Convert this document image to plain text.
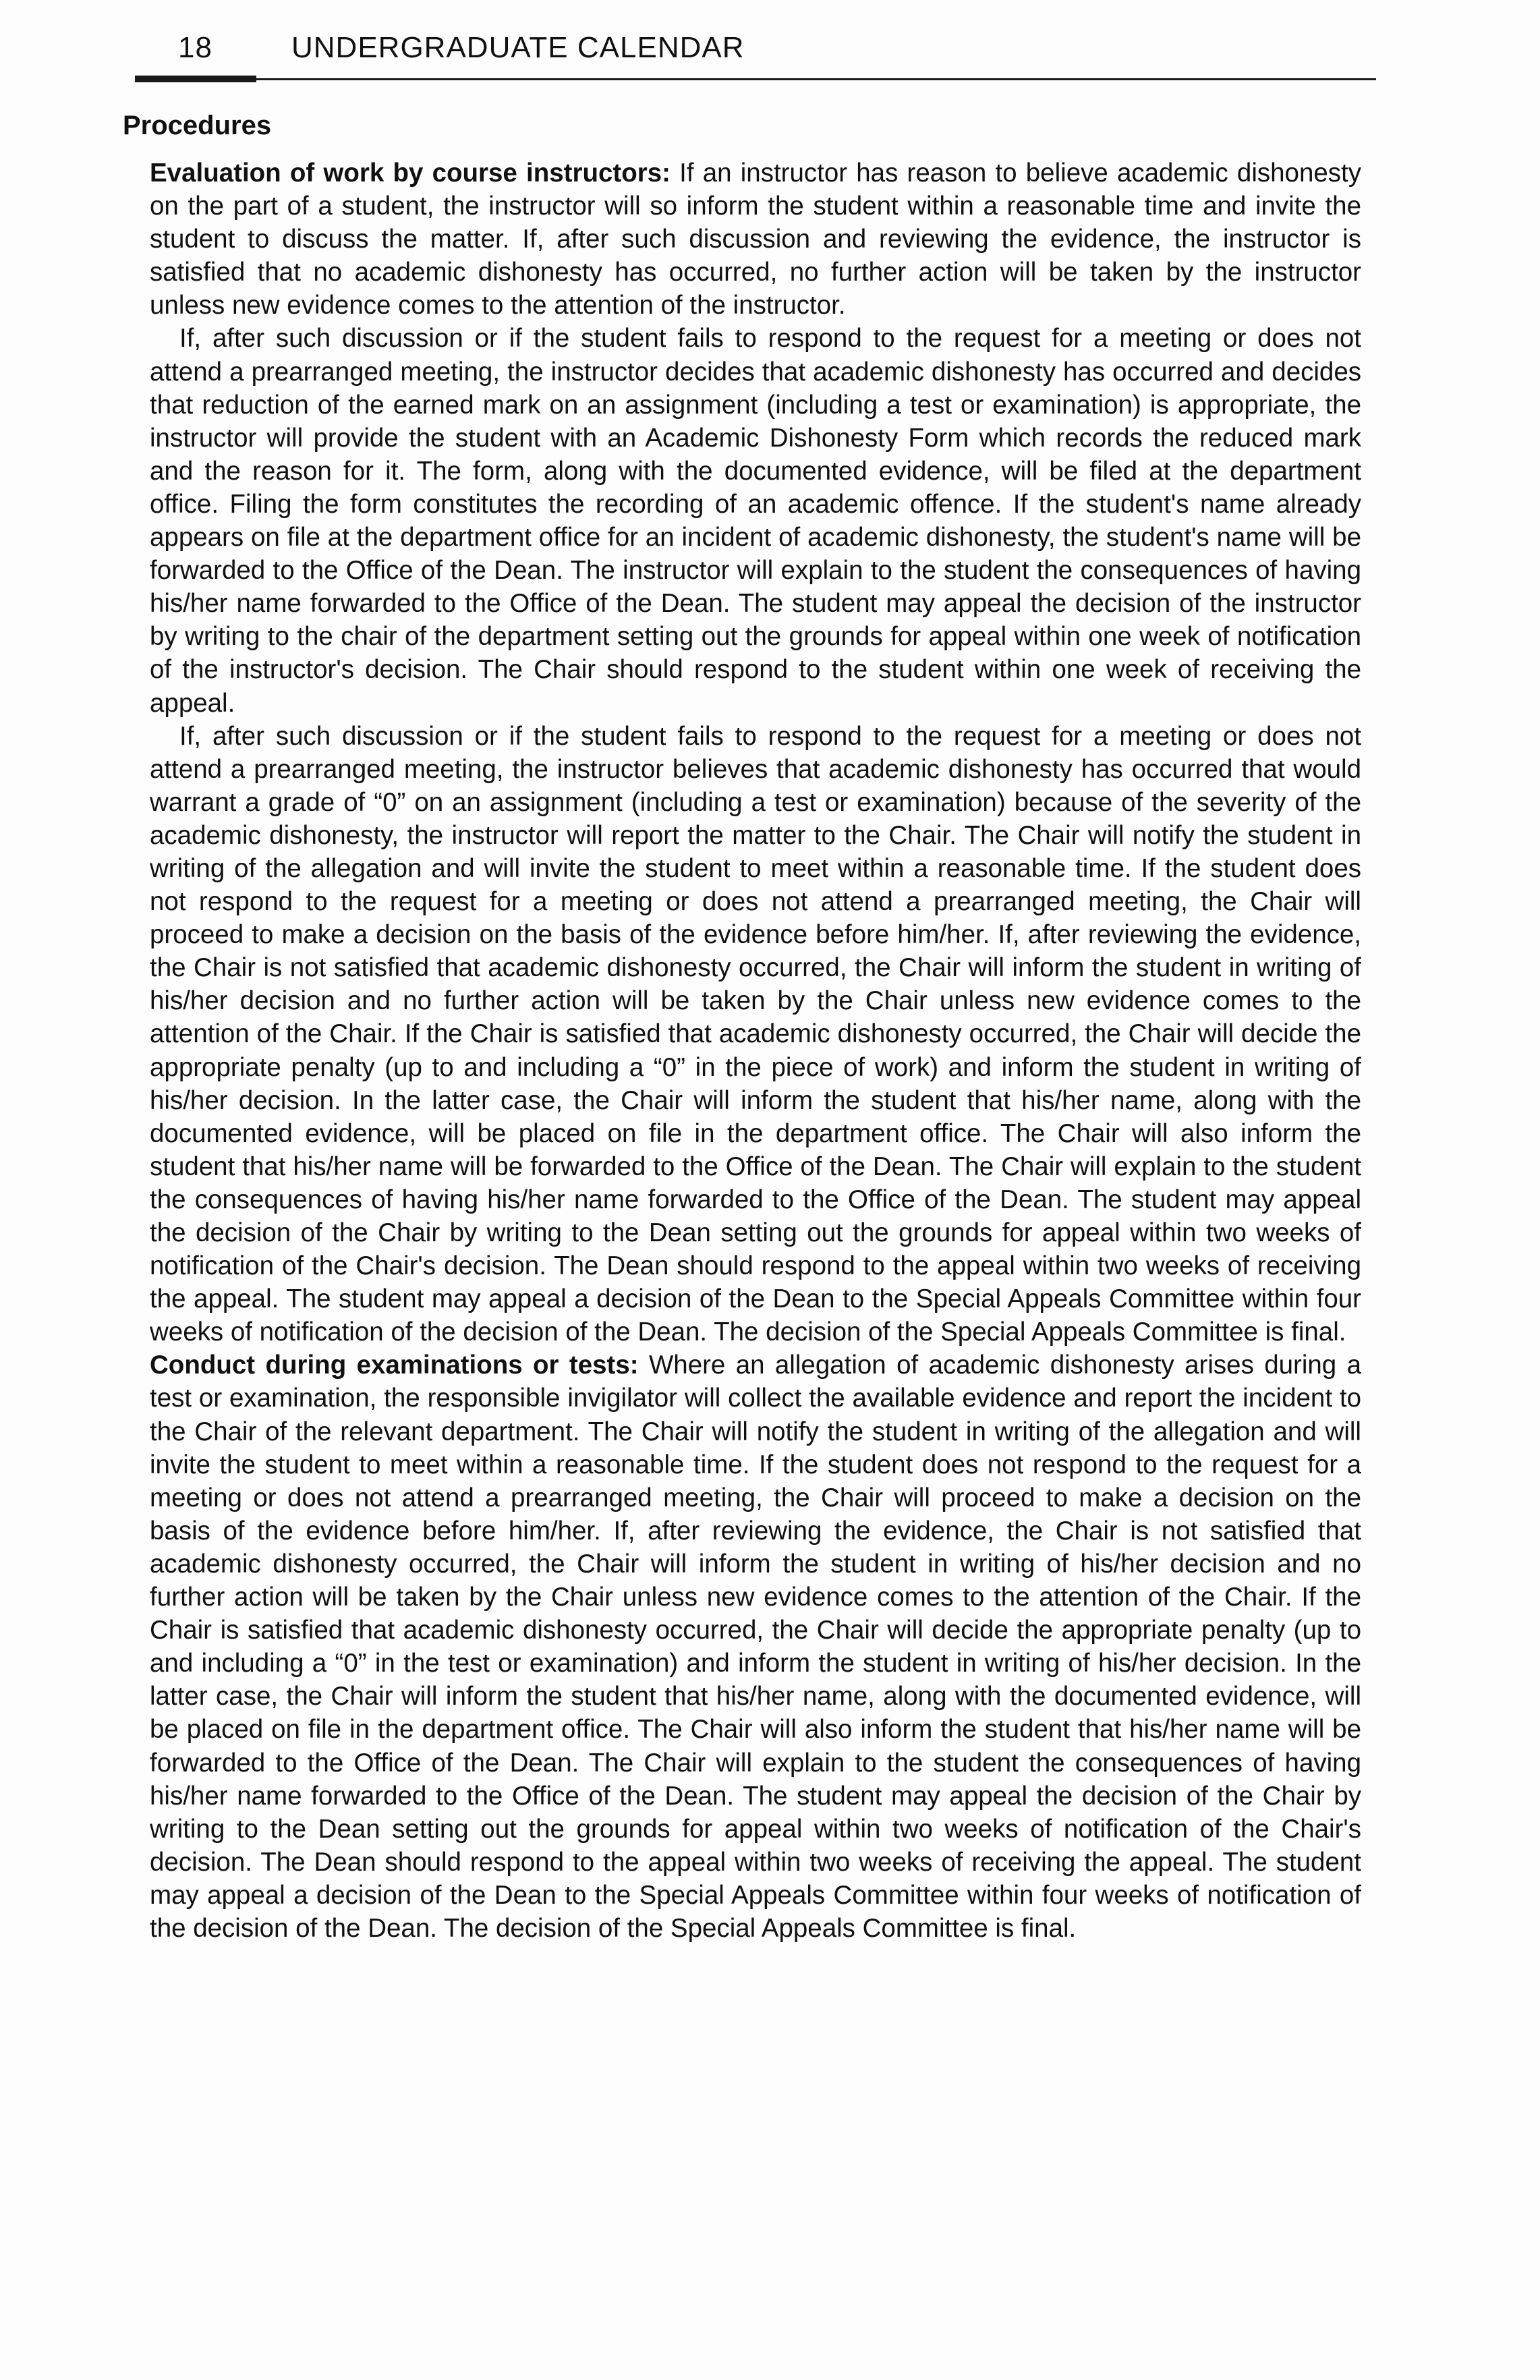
18	UNDERGRADUATE CALENDAR
Procedures

Evaluation of work by course instructors: If an instructor has reason to believe academic dishonesty on the part of a student, the instructor will so inform the student within a reasonable time and invite the student to discuss the matter. If, after such discussion and reviewing the evidence, the instructor is satisfied that no academic dishonesty has occurred, no further action will be taken by the instructor unless new evidence comes to the attention of the instructor.

If, after such discussion or if the student fails to respond to the request for a meeting or does not attend a prearranged meeting, the instructor decides that academic dishonesty has occurred and decides that reduction of the earned mark on an assignment (including a test or examination) is appropriate, the instructor will provide the student with an Academic Dishonesty Form which records the reduced mark and the reason for it. The form, along with the documented evidence, will be filed at the department office. Filing the form constitutes the recording of an academic offence. If the student's name already appears on file at the department office for an incident of academic dishonesty, the student's name will be forwarded to the Office of the Dean. The instructor will explain to the student the consequences of having his/her name forwarded to the Office of the Dean. The student may appeal the decision of the instructor by writing to the chair of the department setting out the grounds for appeal within one week of notification of the instructor's decision. The Chair should respond to the student within one week of receiving the appeal.

If, after such discussion or if the student fails to respond to the request for a meeting or does not attend a prearranged meeting, the instructor believes that academic dishonesty has occurred that would warrant a grade of “0” on an assignment (including a test or examination) because of the severity of the academic dishonesty, the instructor will report the matter to the Chair. The Chair will notify the student in writing of the allegation and will invite the student to meet within a reasonable time. If the student does not respond to the request for a meeting or does not attend a prearranged meeting, the Chair will proceed to make a decision on the basis of the evidence before him/her. If, after reviewing the evidence, the Chair is not satisfied that academic dishonesty occurred, the Chair will inform the student in writing of his/her decision and no further action will be taken by the Chair unless new evidence comes to the attention of the Chair. If the Chair is satisfied that academic dishonesty occurred, the Chair will decide the appropriate penalty (up to and including a “0” in the piece of work) and inform the student in writing of his/her decision. In the latter case, the Chair will inform the student that his/her name, along with the documented evidence, will be placed on file in the department office. The Chair will also inform the student that his/her name will be forwarded to the Office of the Dean. The Chair will explain to the student the consequences of having his/her name forwarded to the Office of the Dean. The student may appeal the decision of the Chair by writing to the Dean setting out the grounds for appeal within two weeks of notification of the Chair's decision. The Dean should respond to the appeal within two weeks of receiving the appeal. The student may appeal a decision of the Dean to the Special Appeals Committee within four weeks of notification of the decision of the Dean. The decision of the Special Appeals Committee is final.

Conduct during examinations or tests: Where an allegation of academic dishonesty arises during a test or examination, the responsible invigilator will collect the available evidence and report the incident to the Chair of the relevant department. The Chair will notify the student in writing of the allegation and will invite the student to meet within a reasonable time. If the student does not respond to the request for a meeting or does not attend a prearranged meeting, the Chair will proceed to make a decision on the basis of the evidence before him/her. If, after reviewing the evidence, the Chair is not satisfied that academic dishonesty occurred, the Chair will inform the student in writing of his/her decision and no further action will be taken by the Chair unless new evidence comes to the attention of the Chair. If the Chair is satisfied that academic dishonesty occurred, the Chair will decide the appropriate penalty (up to and including a “0” in the test or examination) and inform the student in writing of his/her decision. In the latter case, the Chair will inform the student that his/her name, along with the documented evidence, will be placed on file in the department office. The Chair will also inform the student that his/her name will be forwarded to the Office of the Dean. The Chair will explain to the student the consequences of having his/her name forwarded to the Office of the Dean. The student may appeal the decision of the Chair by writing to the Dean setting out the grounds for appeal within two weeks of notification of the Chair's decision. The Dean should respond to the appeal within two weeks of receiving the appeal. The student may appeal a decision of the Dean to the Special Appeals Committee within four weeks of notification of the decision of the Dean. The decision of the Special Appeals Committee is final.
